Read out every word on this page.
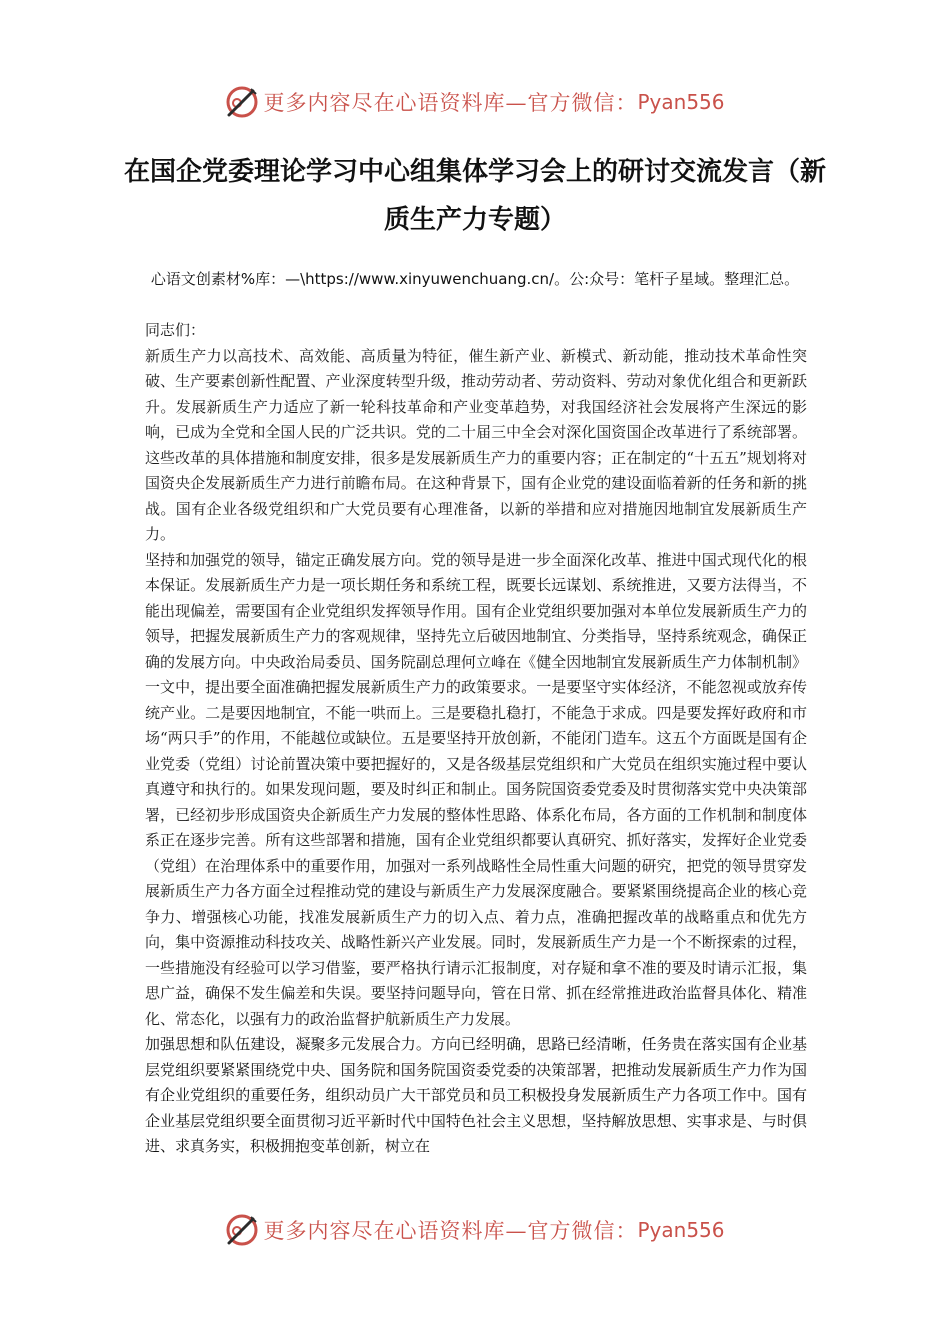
更多内容尽在心语资料库—官方微信： Pyan556
在国企党委理论学习中心组集体学习会上的研讨交流发言（新质生产力专题）

心语文创素材%库：—\https://www.xinyuwenchuang.cn/。公:众号：笔杆子星域。整理汇总。

同志们：

新质生产力以高技术、高效能、高质量为特征，催生新产业、新模式、新动能，推动技术革命性突破、生产要素创新性配置、产业深度转型升级，推动劳动者、劳动资料、劳动对象优化组合和更新跃升。发展新质生产力适应了新一轮科技革命和产业变革趋势，对我国经济社会发展将产生深远的影响，已成为全党和全国人民的广泛共识。党的二十届三中全会对深化国资国企改革进行了系统部署。这些改革的具体措施和制度安排，很多是发展新质生产力的重要内容；正在制定的“十五五”规划将对国资央企发展新质生产力进行前瞻布局。在这种背景下，国有企业党的建设面临着新的任务和新的挑战。国有企业各级党组织和广大党员要有心理准备，以新的举措和应对措施因地制宜发展新质生产力。

坚持和加强党的领导，锚定正确发展方向。党的领导是进一步全面深化改革、推进中国式现代化的根本保证。发展新质生产力是一项长期任务和系统工程，既要长远谋划、系统推进，又要方法得当，不能出现偏差，需要国有企业党组织发挥领导作用。国有企业党组织要加强对本单位发展新质生产力的领导，把握发展新质生产力的客观规律，坚持先立后破因地制宜、分类指导，坚持系统观念，确保正确的发展方向。中央政治局委员、国务院副总理何立峰在《健全因地制宜发展新质生产力体制机制》一文中，提出要全面准确把握发展新质生产力的政策要求。一是要坚守实体经济，不能忽视或放弃传统产业。二是要因地制宜，不能一哄而上。三是要稳扎稳打，不能急于求成。四是要发挥好政府和市场“两只手”的作用，不能越位或缺位。五是要坚持开放创新，不能闭门造车。这五个方面既是国有企业党委（党组）讨论前置决策中要把握好的，又是各级基层党组织和广大党员在组织实施过程中要认真遵守和执行的。如果发现问题，要及时纠正和制止。国务院国资委党委及时贯彻落实党中央决策部署，已经初步形成国资央企新质生产力发展的整体性思路、体系化布局，各方面的工作机制和制度体系正在逐步完善。所有这些部署和措施，国有企业党组织都要认真研究、抓好落实，发挥好企业党委（党组）在治理体系中的重要作用，加强对一系列战略性全局性重大问题的研究，把党的领导贯穿发展新质生产力各方面全过程推动党的建设与新质生产力发展深度融合。要紧紧围绕提高企业的核心竞争力、增强核心功能，找准发展新质生产力的切入点、着力点，准确把握改革的战略重点和优先方向，集中资源推动科技攻关、战略性新兴产业发展。同时，发展新质生产力是一个不断探索的过程，一些措施没有经验可以学习借鉴，要严格执行请示汇报制度，对存疑和拿不准的要及时请示汇报，集思广益，确保不发生偏差和失误。要坚持问题导向，管在日常、抓在经常推进政治监督具体化、精准化、常态化，以强有力的政治监督护航新质生产力发展。

加强思想和队伍建设，凝聚多元发展合力。方向已经明确，思路已经清晰，任务贵在落实国有企业基层党组织要紧紧围绕党中央、国务院和国务院国资委党委的决策部署，把推动发展新质生产力作为国有企业党组织的重要任务，组织动员广大干部党员和员工积极投身发展新质生产力各项工作中。国有企业基层党组织要全面贯彻习近平新时代中国特色社会主义思想，坚持解放思想、实事求是、与时俱进、求真务实，积极拥抱变革创新，树立在

更多内容尽在心语资料库—官方微信： Pyan556
